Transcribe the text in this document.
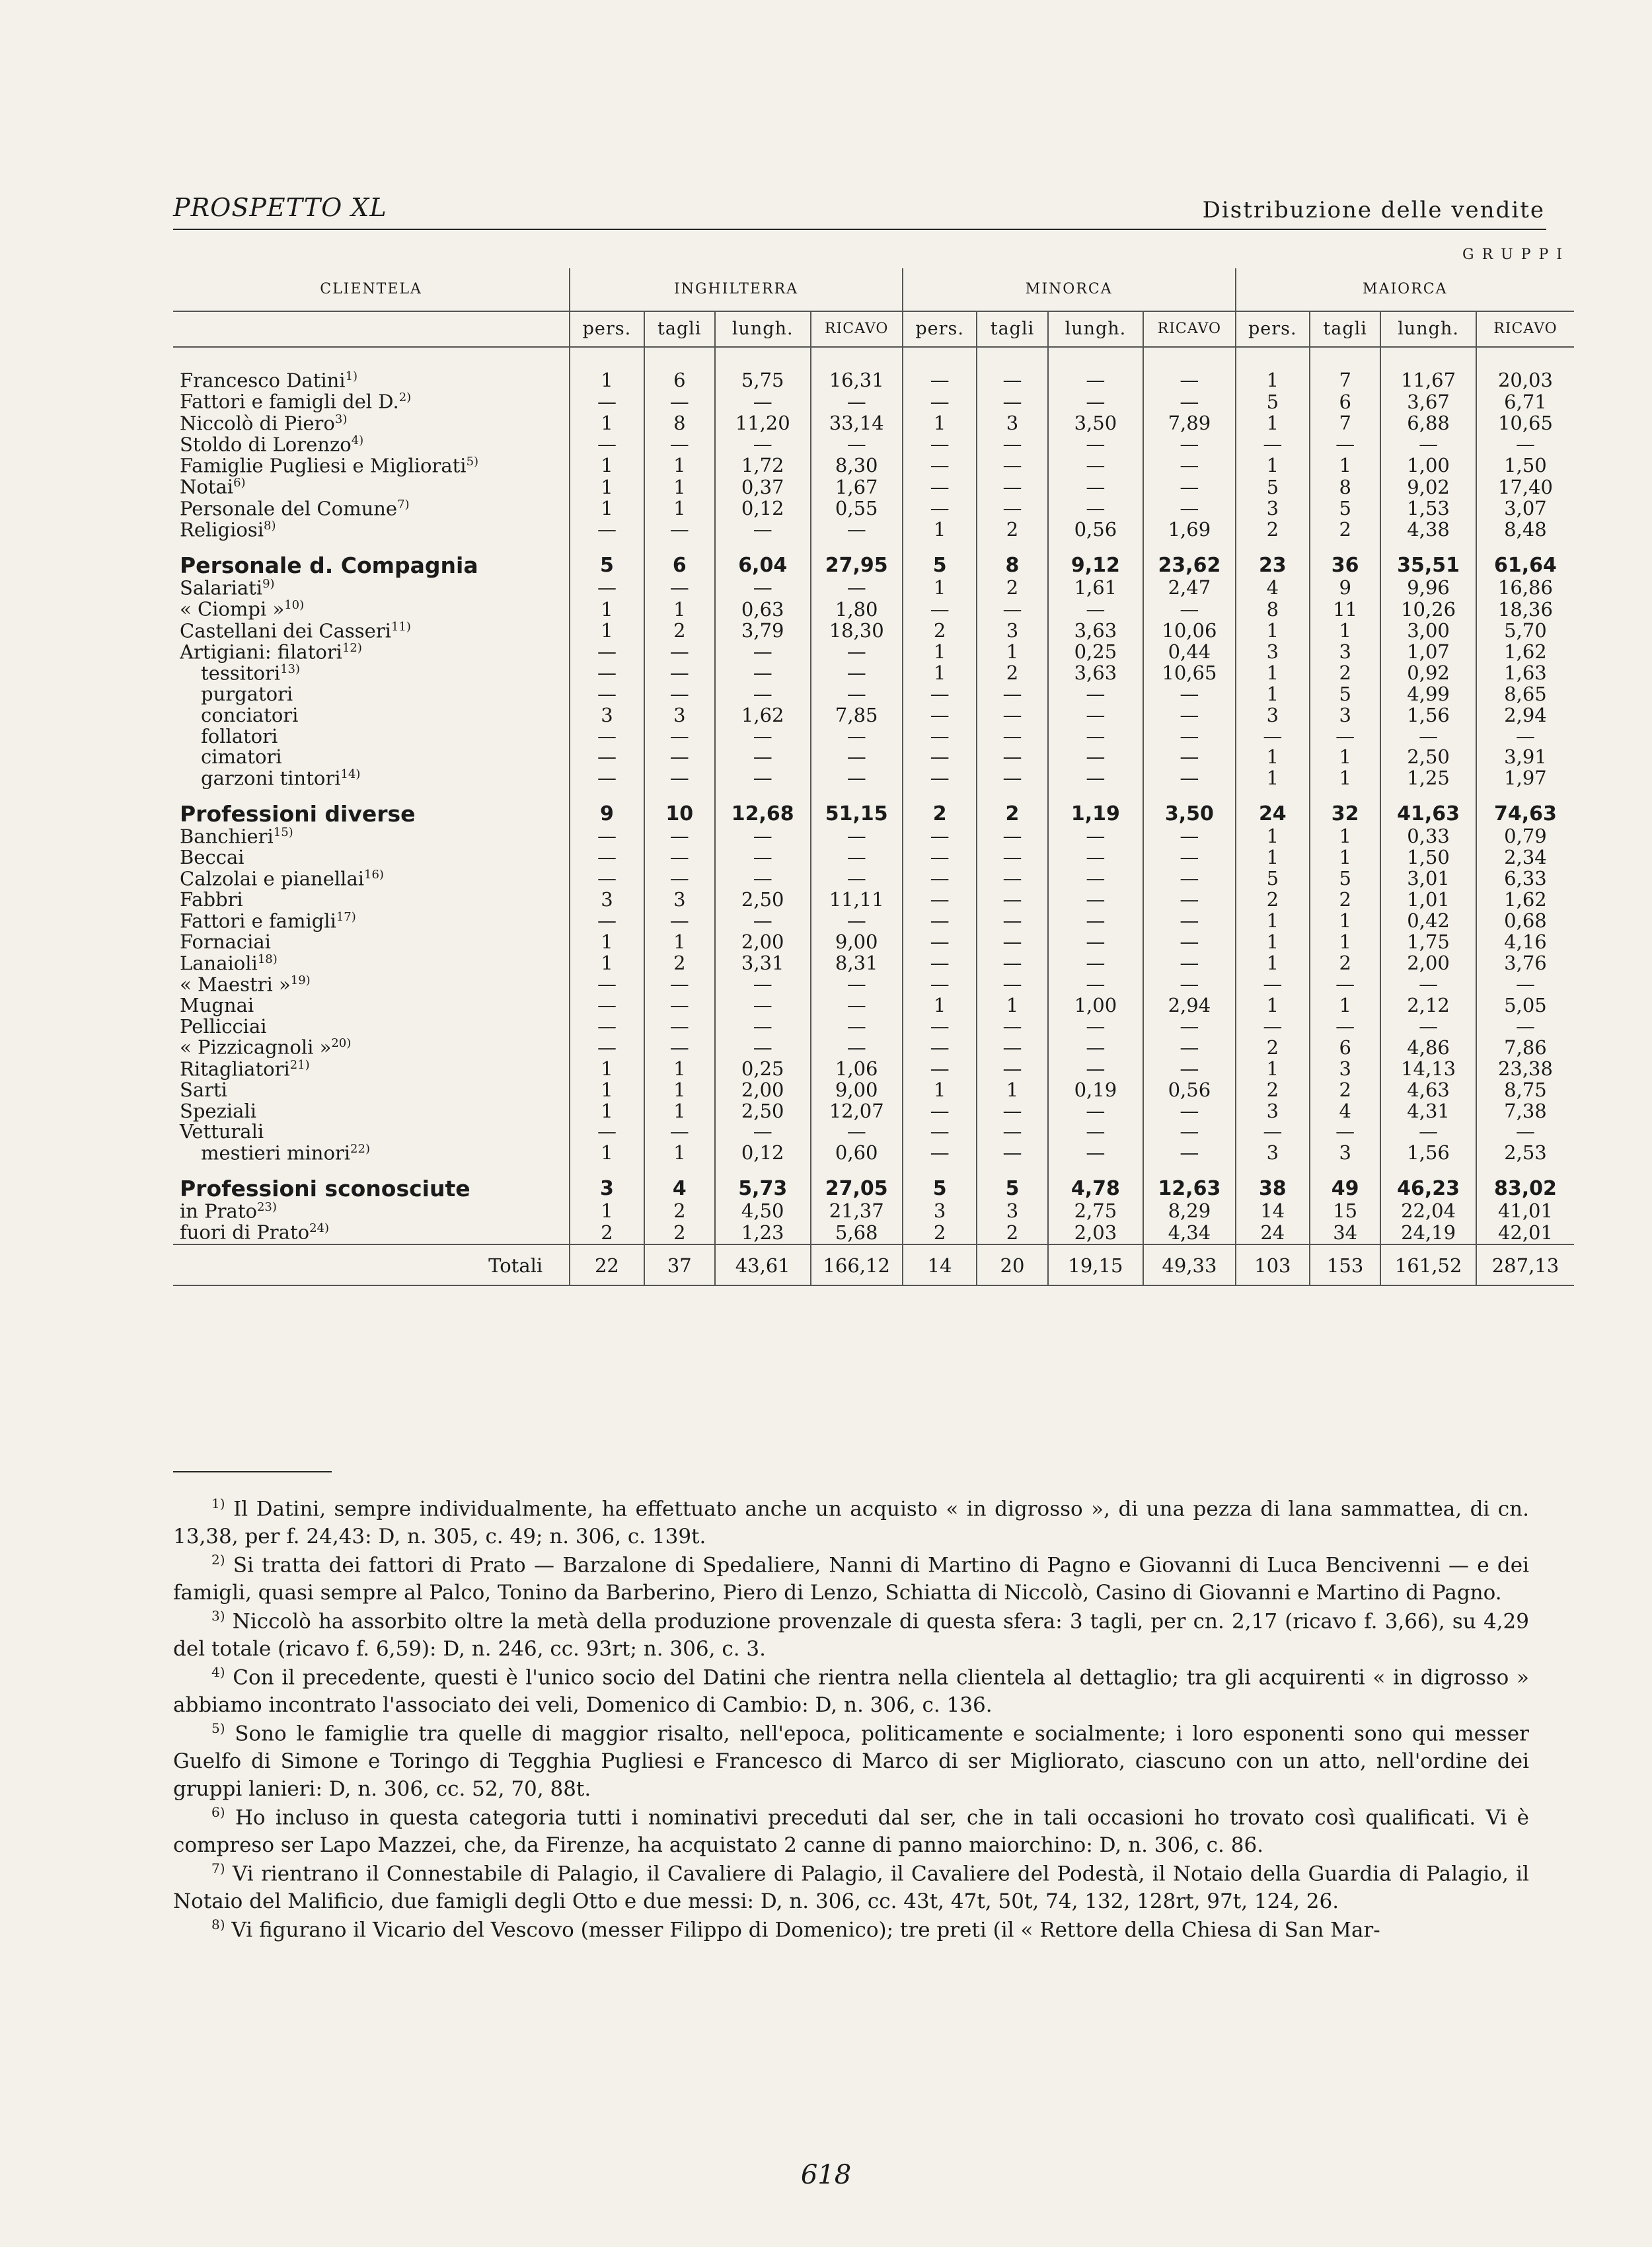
PROSPETTO XL	Distribuzione delle vendite
GRUPPI												
CLIENTELA	INGHILTERRA				MINORCA				MAIORCA			
	pers.	tagli	lungh.	RICAVO	pers.	tagli	lungh.	RICAVO	pers.	tagli	lungh.	RICAVO

Francesco Datini$^{1)}$	1	6	5,75	16,31	—	—	—	—	1	7	11,67	20,03
Fattori e famigli del D.$^{2)}$	—	—	—	—	—	—	—	—	5	6	3,67	6,71
Niccolò di Piero$^{3)}$	1	8	11,20	33,14	1	3	3,50	7,89	1	7	6,88	10,65
Stoldo di Lorenzo$^{4)}$	—	—	—	—	—	—	—	—	—	—	—	—
Famiglie Pugliesi e Migliorati$^{5)}$	1	1	1,72	8,30	—	—	—	—	1	1	1,00	1,50
Notai$^{6)}$	1	1	0,37	1,67	—	—	—	—	5	8	9,02	17,40
Personale del Comune$^{7)}$	1	1	0,12	0,55	—	—	—	—	3	5	1,53	3,07
Religiosi$^{8)}$	—	—	—	—	1	2	0,56	1,69	2	2	4,38	8,48
Personale d. Compagnia	5	6	6,04	27,95	5	8	9,12	23,62	23	36	35,51	61,64
Salariati$^{9)}$	—	—	—	—	1	2	1,61	2,47	4	9	9,96	16,86
« Ciompi »$^{10)}$	1	1	0,63	1,80	—	—	—	—	8	11	10,26	18,36
Castellani dei Casseri$^{11)}$	1	2	3,79	18,30	2	3	3,63	10,06	1	1	3,00	5,70
Artigiani: filatori$^{12)}$	—	—	—	—	1	1	0,25	0,44	3	3	1,07	1,62
tessitori$^{13)}$	—	—	—	—	1	2	3,63	10,65	1	2	0,92	1,63
purgatori	—	—	—	—	—	—	—	—	1	5	4,99	8,65
conciatori	3	3	1,62	7,85	—	—	—	—	3	3	1,56	2,94
follatori	—	—	—	—	—	—	—	—	—	—	—	—
cimatori	—	—	—	—	—	—	—	—	1	1	2,50	3,91
garzoni tintori$^{14)}$	—	—	—	—	—	—	—	—	1	1	1,25	1,97
Professioni diverse	9	10	12,68	51,15	2	2	1,19	3,50	24	32	41,63	74,63
Banchieri$^{15)}$	—	—	—	—	—	—	—	—	1	1	0,33	0,79
Beccai	—	—	—	—	—	—	—	—	1	1	1,50	2,34
Calzolai e pianellai$^{16)}$	—	—	—	—	—	—	—	—	5	5	3,01	6,33
Fabbri	3	3	2,50	11,11	—	—	—	—	2	2	1,01	1,62
Fattori e famigli$^{17)}$	—	—	—	—	—	—	—	—	1	1	0,42	0,68
Fornaciai	1	1	2,00	9,00	—	—	—	—	1	1	1,75	4,16
Lanaioli$^{18)}$	1	2	3,31	8,31	—	—	—	—	1	2	2,00	3,76
« Maestri »$^{19)}$	—	—	—	—	—	—	—	—	—	—	—	—
Mugnai	—	—	—	—	1	1	1,00	2,94	1	1	2,12	5,05
Pellicciai	—	—	—	—	—	—	—	—	—	—	—	—
« Pizzicagnoli »$^{20)}$	—	—	—	—	—	—	—	—	2	6	4,86	7,86
Ritagliatori$^{21)}$	1	1	0,25	1,06	—	—	—	—	1	3	14,13	23,38
Sarti	1	1	2,00	9,00	1	1	0,19	0,56	2	2	4,63	8,75
Speziali	1	1	2,50	12,07	—	—	—	—	3	4	4,31	7,38
Vetturali	—	—	—	—	—	—	—	—	—	—	—	—
mestieri minori$^{22)}$	1	1	0,12	0,60	—	—	—	—	3	3	1,56	2,53
Professioni sconosciute	3	4	5,73	27,05	5	5	4,78	12,63	38	49	46,23	83,02
in Prato$^{23)}$	1	2	4,50	21,37	3	3	2,75	8,29	14	15	22,04	41,01
fuori di Prato$^{24)}$	2	2	1,23	5,68	2	2	2,03	4,34	24	34	24,19	42,01
Totali	22	37	43,61	166,12	14	20	19,15	49,33	103	153	161,52	287,13

$^{1)}$ Il Datini, sempre individualmente, ha effettuato anche un acquisto « in digrosso », di una pezza di lana sammattea, di cn. 13,38, per f. 24,43: D, n. 305, c. 49; n. 306, c. 139t.

$^{2)}$ Si tratta dei fattori di Prato — Barzalone di Spedaliere, Nanni di Martino di Pagno e Giovanni di Luca Bencivenni — e dei famigli, quasi sempre al Palco, Tonino da Barberino, Piero di Lenzo, Schiatta di Niccolò, Casino di Giovanni e Martino di Pagno.

$^{3)}$ Niccolò ha assorbito oltre la metà della produzione provenzale di questa sfera: 3 tagli, per cn. 2,17 (ricavo f. 3,66), su 4,29 del totale (ricavo f. 6,59): D, n. 246, cc. 93rt; n. 306, c. 3.

$^{4)}$ Con il precedente, questi è l'unico socio del Datini che rientra nella clientela al dettaglio; tra gli acquirenti « in digrosso » abbiamo incontrato l'associato dei veli, Domenico di Cambio: D, n. 306, c. 136.

$^{5)}$ Sono le famiglie tra quelle di maggior risalto, nell'epoca, politicamente e socialmente; i loro esponenti sono qui messer Guelfo di Simone e Toringo di Tegghia Pugliesi e Francesco di Marco di ser Migliorato, ciascuno con un atto, nell'ordine dei gruppi lanieri: D, n. 306, cc. 52, 70, 88t.

$^{6)}$ Ho incluso in questa categoria tutti i nominativi preceduti dal ser, che in tali occasioni ho trovato così qualificati. Vi è compreso ser Lapo Mazzei, che, da Firenze, ha acquistato 2 canne di panno maiorchino: D, n. 306, c. 86.

$^{7)}$ Vi rientrano il Connestabile di Palagio, il Cavaliere di Palagio, il Cavaliere del Podestà, il Notaio della Guardia di Palagio, il Notaio del Malificio, due famigli degli Otto e due messi: D, n. 306, cc. 43t, 47t, 50t, 74, 132, 128rt, 97t, 124, 26.

$^{8)}$ Vi figurano il Vicario del Vescovo (messer Filippo di Domenico); tre preti (il « Rettore della Chiesa di San Mar-

618
